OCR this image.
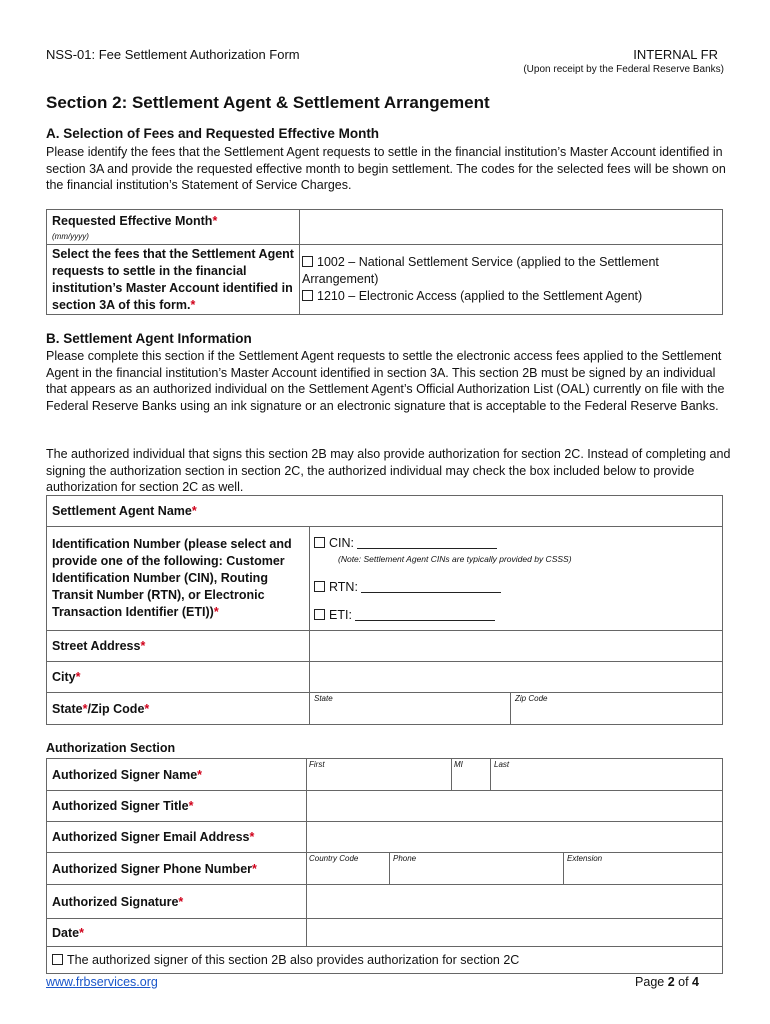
NSS-01: Fee Settlement Authorization Form	INTERNAL FR
(Upon receipt by the Federal Reserve Banks)
Section 2: Settlement Agent & Settlement Arrangement
A. Selection of Fees and Requested Effective Month
Please identify the fees that the Settlement Agent requests to settle in the financial institution’s Master Account identified in section 3A and provide the requested effective month to begin settlement. The codes for the selected fees will be shown on the financial institution’s Statement of Service Charges.
Requested Effective Month*
(mm/yyyy)	
Select the fees that the Settlement Agent requests to settle in the financial institution’s Master Account identified in section 3A of this form.*	1002 – National Settlement Service (applied to the Settlement Arrangement)
1210 – Electronic Access (applied to the Settlement Agent)
B. Settlement Agent Information
Please complete this section if the Settlement Agent requests to settle the electronic access fees applied to the Settlement Agent in the financial institution’s Master Account identified in section 3A. This section 2B must be signed by an individual that appears as an authorized individual on the Settlement Agent’s Official Authorization List (OAL) currently on file with the Federal Reserve Banks using an ink signature or an electronic signature that is acceptable to the Federal Reserve Banks.
The authorized individual that signs this section 2B may also provide authorization for section 2C. Instead of completing and signing the authorization section in section 2C, the authorized individual may check the box included below to provide authorization for section 2C as well.
Settlement Agent Name*	
Identification Number (please select and provide one of the following: Customer Identification Number (CIN), Routing Transit Number (RTN), or Electronic Transaction Identifier (ETI))*	CIN:
(Note: Settlement Agent CINs are typically provided by CSSS)
RTN:
ETI:

Street Address*	
City*	
State*/Zip Code*	State Zip Code
Authorization Section
Authorized Signer Name*	First MI Last

Authorized Signer Title*	
Authorized Signer Email Address*	
Authorized Signer Phone Number*	Country Code Phone Extension

Authorized Signature*	
Date*	
The authorized signer of this section 2B also provides authorization for section 2C	
www.frbservices.org	Page 2 of 4
